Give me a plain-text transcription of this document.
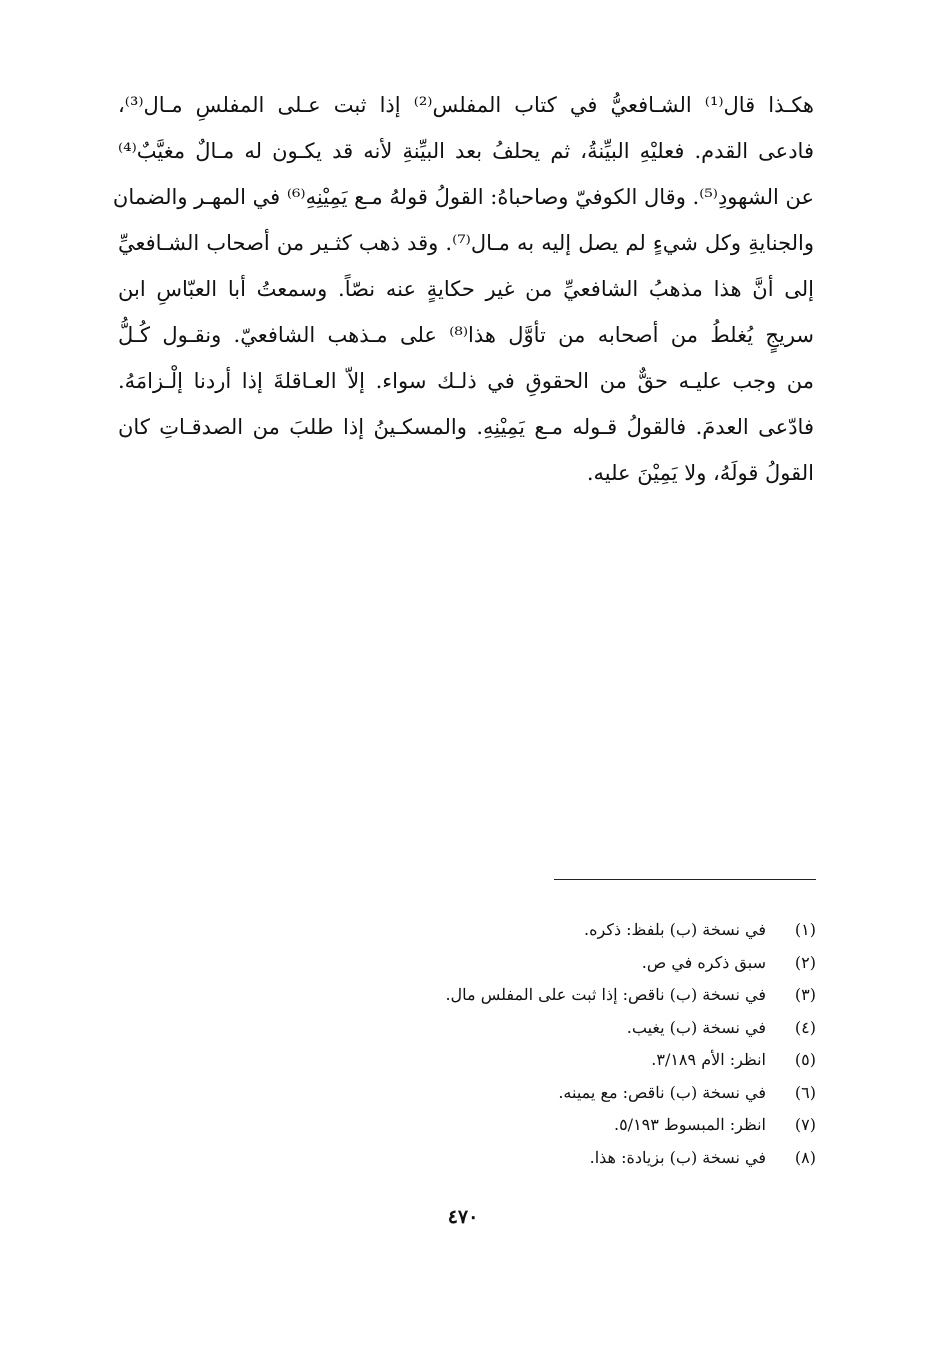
هكـذا قال⁽¹⁾ الشـافعيُّ في كتاب المفلس⁽²⁾ إذا ثبت عـلى المفلسِ مـال⁽³⁾،
فادعى القدم. فعليْهِ البيِّنةُ، ثم يحلفُ بعد البيِّنةِ لأنه قد يكـون له مـالٌ مغيَّبٌ⁽⁴⁾
عن الشهودِ⁽⁵⁾. وقال الكوفيّ وصاحباهُ: القولُ قولهُ مـع يَمِيْنِهِ⁽⁶⁾ في المهـر والضمان
والجنايةِ وكل شيءٍ لم يصل إليه به مـال⁽⁷⁾. وقد ذهب كثـير من أصحاب الشـافعيِّ
إلى أنَّ هذا مذهبُ الشافعيِّ من غير حكايةٍ عنه نصّاً. وسمعتُ أبا العبّاسِ ابن
سريجٍ يُغلطُ من أصحابه من تأوَّل هذا⁽⁸⁾ على مـذهب الشافعيّ. ونقـول كُـلُّ
من وجب عليـه حقٌّ من الحقوقِ في ذلـك سواء. إلاّ العـاقلةَ إذا أردنا إلْـزامَهُ.
فادّعى العدمَ. فالقولُ قـوله مـع يَمِيْنِهِ. والمسكـينُ إذا طلبَ من الصدقـاتِ كان
القولُ قولَهُ، ولا يَمِيْنَ عليه.
(١)
في نسخة (ب) بلفظ: ذكره.
(٢)
سبق ذكره في ص.
(٣)
في نسخة (ب) ناقص: إذا ثبت على المفلس مال.
(٤)
في نسخة (ب) يغيب.
(٥)
انظر: الأم ٣/١٨٩.
(٦)
في نسخة (ب) ناقص: مع يمينه.
(٧)
انظر: المبسوط ٥/١٩٣.
(٨)
في نسخة (ب) بزيادة: هذا.
٤٧٠
